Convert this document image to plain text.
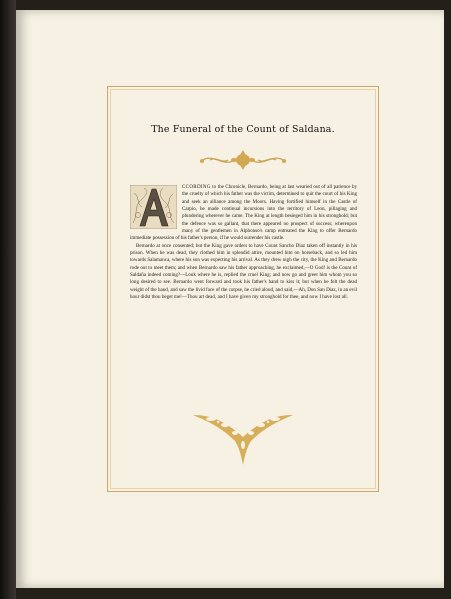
The Funeral of the Count of Saldana.

CCORDING to the Chronicle, Bernardo, being at last wearied out of all patience by the cruelty of which his father was the victim, determined to quit the court of his King and seek an alliance among the Moors. Having fortified himself in the Castle of Carpio, he made continual incursions into the territory of Leon, pillaging and plundering wherever he came. The King at length besieged him in his stronghold; but the defence was so gallant, that there appeared no prospect of success; whereupon many of the gentlemen in Alphonso's camp entreated the King to offer Bernardo immediate possession of his father's person, if he would surrender his castle.

Bernardo at once consented; but the King gave orders to have Count Sancho Diaz taken off instantly in his prison. When he was dead, they clothed him in splendid attire, mounted him on horseback, and so led him towards Salamanca, where his son was expecting his arrival. As they drew nigh the city, the King and Bernardo rode out to meet them; and when Bernardo saw his father approaching, he exclaimed,—O God! is the Count of Saldaña indeed coming?—Look where he is, replied the cruel King; and now go and greet him whom you so long desired to see. Bernardo went forward and took his father's hand to kiss it; but when he felt the dead weight of the hand, and saw the livid face of the corpse, he cried aloud, and said,—Ah, Don San Diaz, in an evil hour didst thou beget me!—Thou art dead, and I have given my stronghold for thee, and now I have lost all.
